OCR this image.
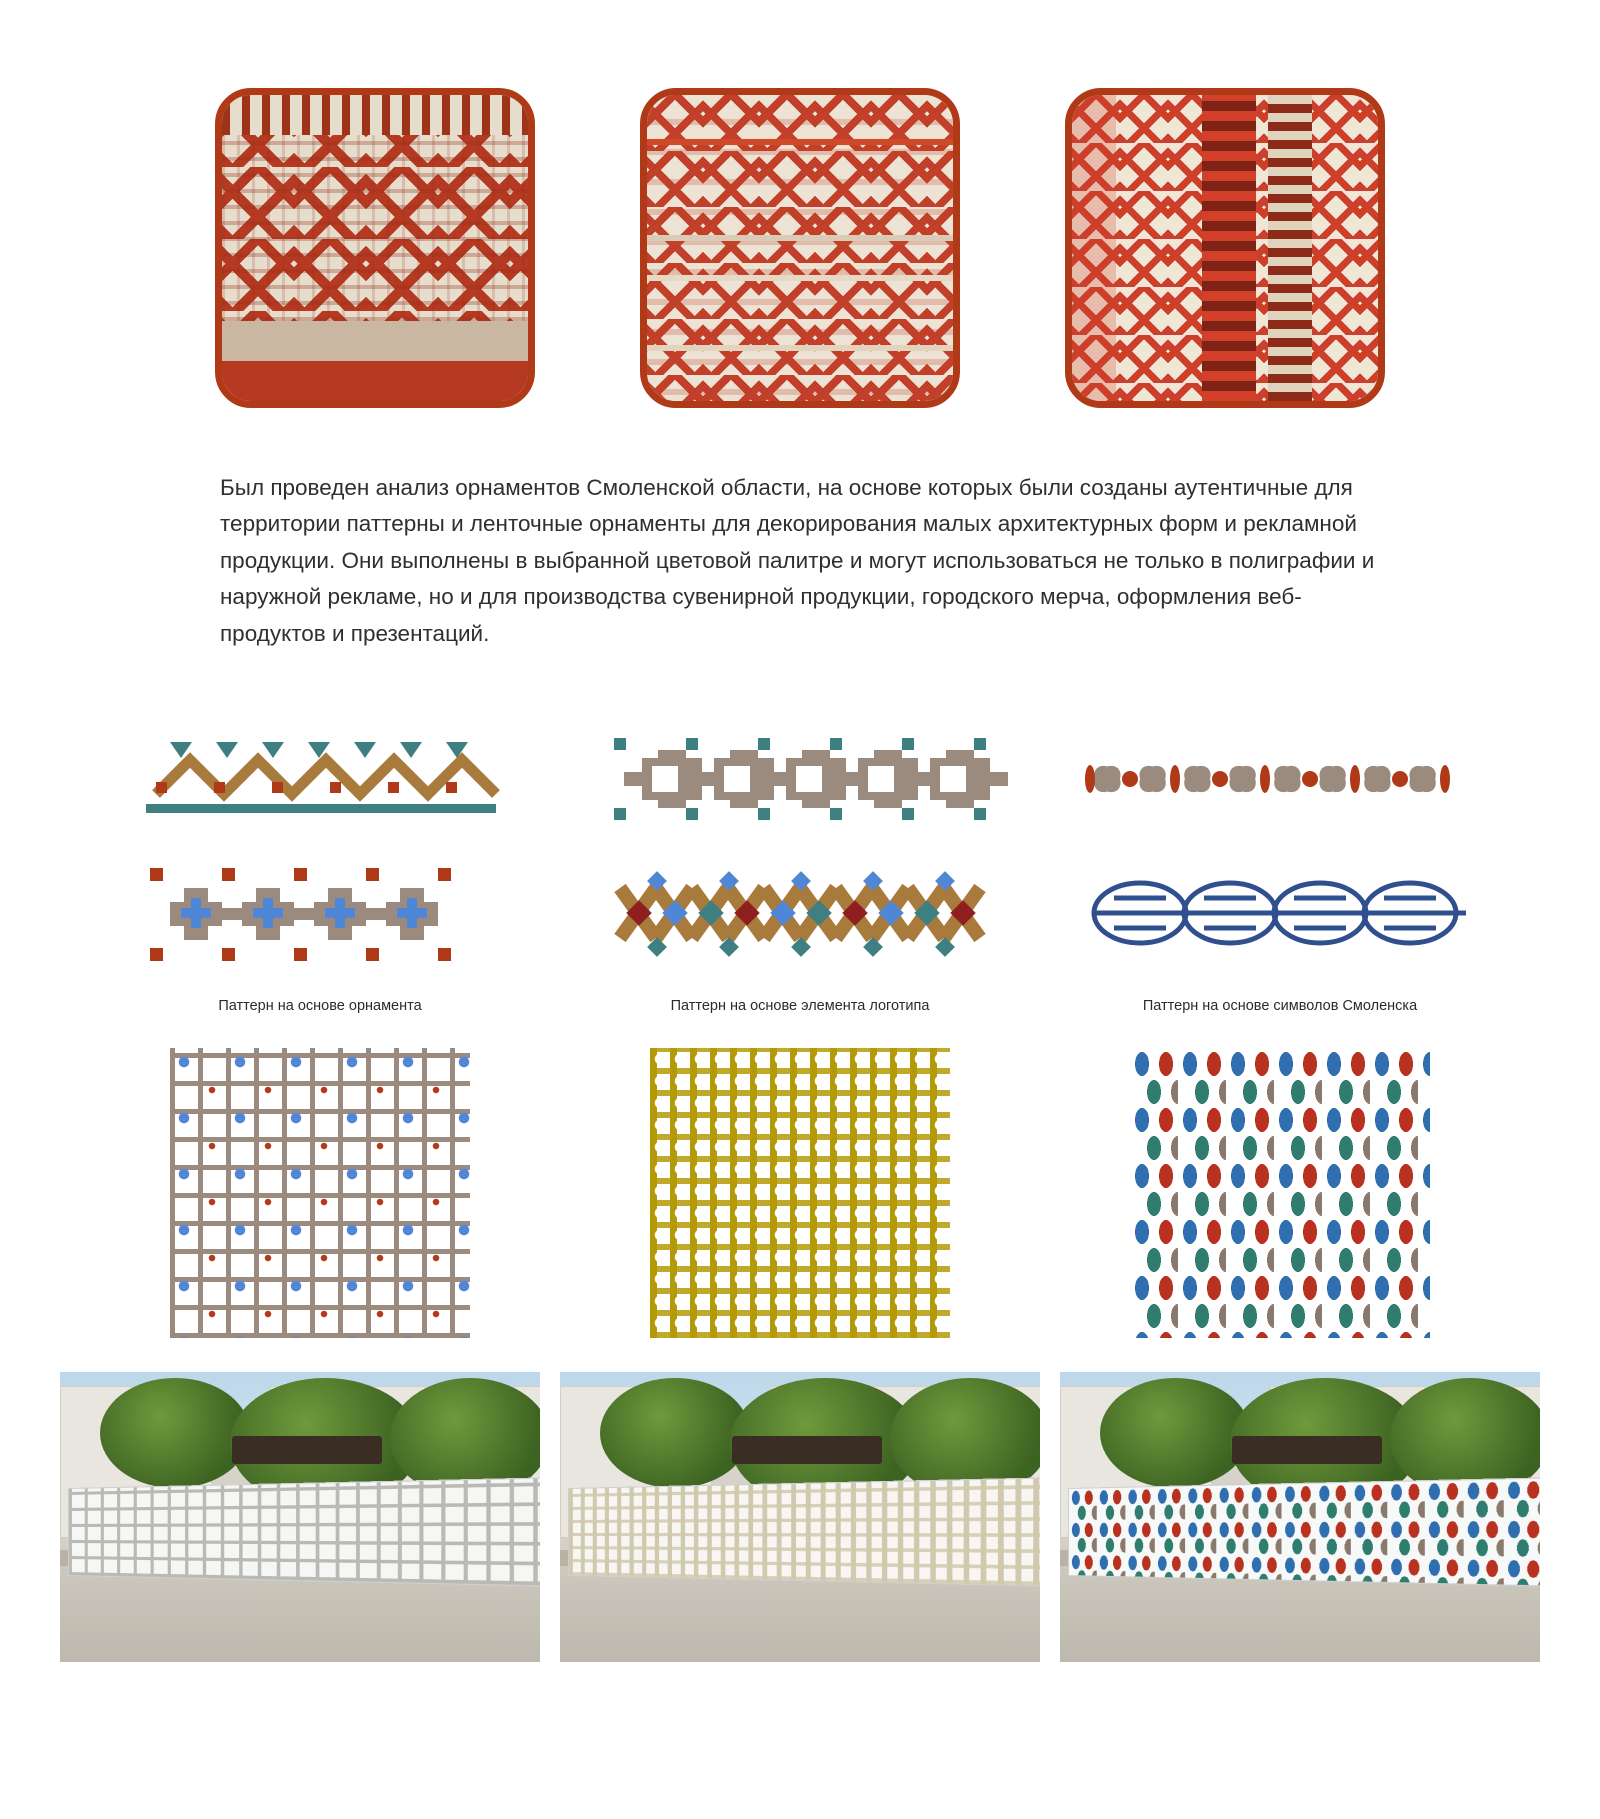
Был проведен анализ орнаментов Смоленской области, на основе которых были созданы аутентичные для территории паттерны и ленточные орнаменты для декорирования малых архитектурных форм и рекламной продукции. Они выполнены в выбранной цветовой палитре и могут использоваться не только в полиграфии и наружной рекламе, но и для производства сувенирной продукции, городского мерча, оформления веб-продуктов и презентаций.

Паттерн на основе орнамента	Паттерн на основе элемента логотипа	Паттерн на основе символов Смоленска
